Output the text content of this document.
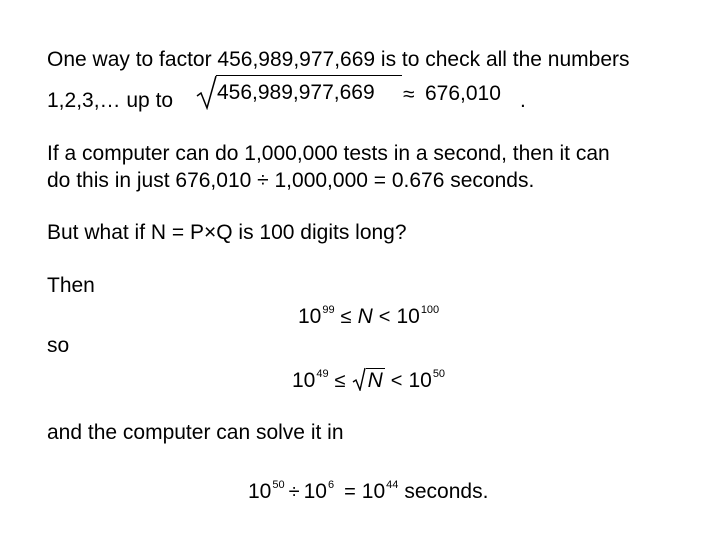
One way to factor 456,989,977,669 is to check all the numbers
1,2,3,… up to 456,989,977,669 ≈ 676,010 .
If a computer can do 1,000,000 tests in a second, then it can
do this in just 676,010 ÷ 1,000,000 = 0.676 seconds.
But what if N = P×Q is 100 digits long?
Then
$10^{99} \le N < 10^{100}$
so
$10^{49} \le N < 10^{50}$
and the computer can solve it in
$10^{50} \div 10^6 = 10^{44}$ seconds.
